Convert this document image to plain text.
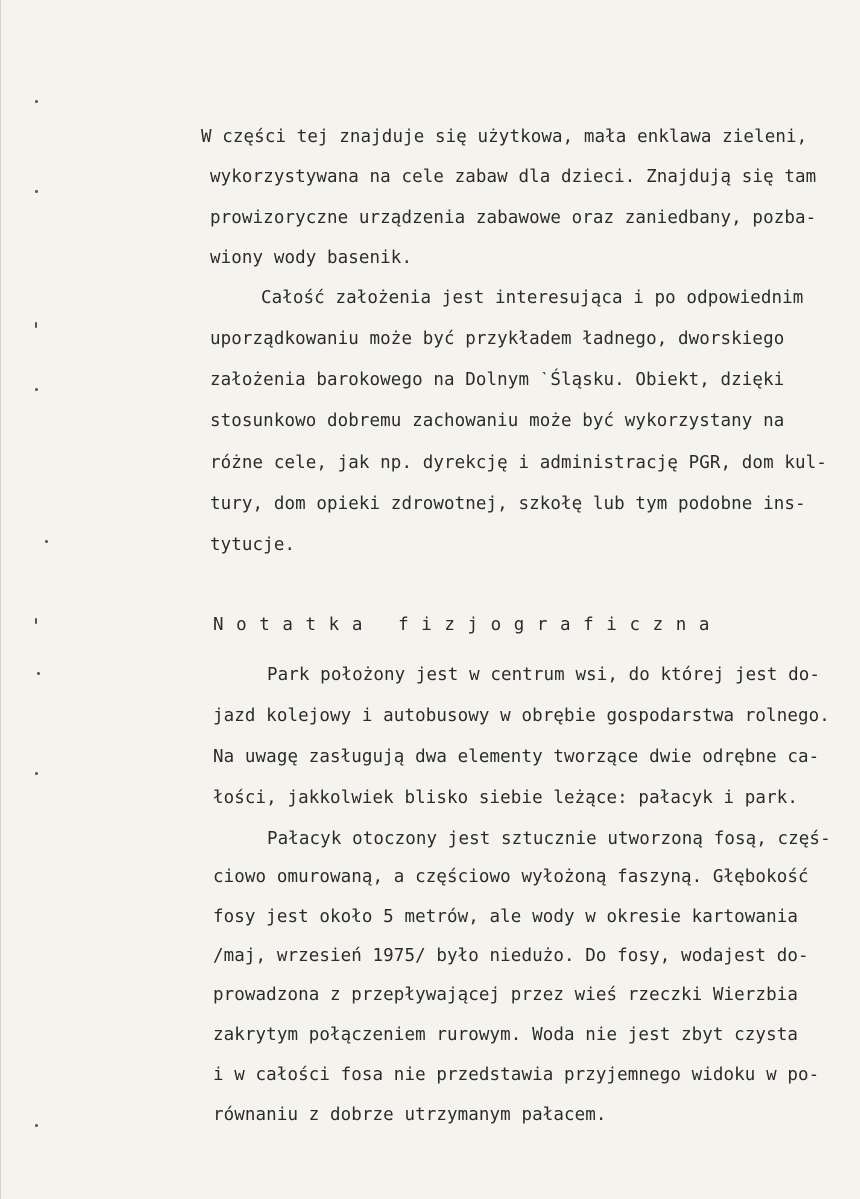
W części tej znajduje się użytkowa, mała enklawa zieleni,
wykorzystywana na cele zabaw dla dzieci. Znajdują się tam
prowizoryczne urządzenia zabawowe oraz zaniedbany, pozba-
wiony wody basenik.
Całość założenia jest interesująca i po odpowiednim
uporządkowaniu może być przykładem ładnego, dworskiego
założenia barokowego na Dolnym ˋŚląsku. Obiekt, dzięki
stosunkowo dobremu zachowaniu może być wykorzystany na
różne cele, jak np. dyrekcję i administrację PGR, dom kul-
tury, dom opieki zdrowotnej, szkołę lub tym podobne ins-
tytucje.
Notatka fizjograficzna
Park położony jest w centrum wsi, do której jest do-
jazd kolejowy i autobusowy w obrębie gospodarstwa rolnego.
Na uwagę zasługują dwa elementy tworzące dwie odrębne ca-
łości, jakkolwiek blisko siebie leżące: pałacyk i park.
Pałacyk otoczony jest sztucznie utworzoną fosą, częś-
ciowo omurowaną, a częściowo wyłożoną faszyną. Głębokość
fosy jest około 5 metrów, ale wody w okresie kartowania
/maj, wrzesień 1975/ było niedużo. Do fosy, wodajest do-
prowadzona z przepływającej przez wieś rzeczki Wierzbia
zakrytym połączeniem rurowym. Woda nie jest zbyt czysta
i w całości fosa nie przedstawia przyjemnego widoku w po-
równaniu z dobrze utrzymanym pałacem.
